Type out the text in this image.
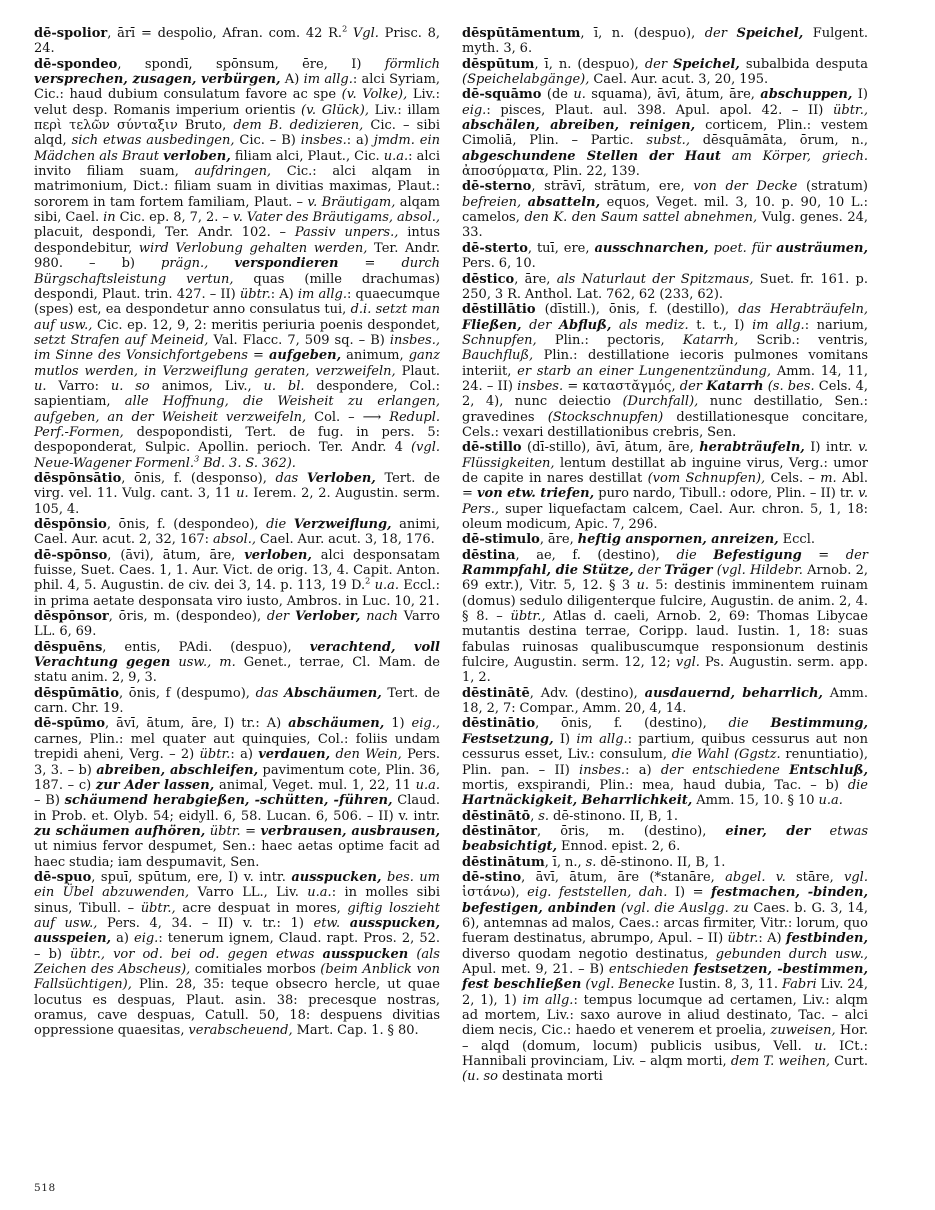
dē-spolior, ārī = despolio, Afran. com. 42 R.$^2$ Vgl. Prisc. 8, 24.

dē-spondeo, spondī, spōnsum, ēre, I) förmlich versprechen, zusagen, verbürgen, A) im allg.: alci Syriam, Cic.: haud dubium consulatum favore ac spe (v. Volke), Liv.: velut desp. Romanis imperium orientis (v. Glück), Liv.: illam περὶ τελῶν σύνταξιν Bruto, dem B. dedizieren, Cic. – sibi alqd, sich etwas ausbedingen, Cic. – B) insbes.: a) jmdm. ein Mädchen als Braut verloben, filiam alci, Plaut., Cic. u.a.: alci invito filiam suam, aufdringen, Cic.: alci alqam in matrimonium, Dict.: filiam suam in divitias maximas, Plaut.: sororem in tam fortem familiam, Plaut. – v. Bräutigam, alqam sibi, Cael. in Cic. ep. 8, 7, 2. – v. Vater des Bräutigams, absol., placuit, despondi, Ter. Andr. 102. – Passiv unpers., intus despondebitur, wird Verlobung gehalten werden, Ter. Andr. 980. – b) prägn., verspondieren = durch Bürgschaftsleistung vertun, quas (mille drachumas) despondi, Plaut. trin. 427. – II) übtr.: A) im allg.: quaecumque (spes) est, ea despondetur anno consulatus tui, d.i. setzt man auf usw., Cic. ep. 12, 9, 2: meritis periuria poenis despondet, setzt Strafen auf Meineid, Val. Flacc. 7, 509 sq. – B) insbes., im Sinne des Vonsichfortgebens = aufgeben, animum, ganz mutlos werden, in Verzweiflung geraten, verzweifeln, Plaut. u. Varro: u. so animos, Liv., u. bl. despondere, Col.: sapientiam, alle Hoffnung, die Weisheit zu erlangen, aufgeben, an der Weisheit verzweifeln, Col. – ⟶ Redupl. Perf.-Formen, despopondisti, Tert. de fug. in pers. 5: despoponderat, Sulpic. Apollin. perioch. Ter. Andr. 4 (vgl. Neue-Wagener Formenl.$^3$ Bd. 3. S. 362).

dēspōnsātio, ōnis, f. (desponso), das Verloben, Tert. de virg. vel. 11. Vulg. cant. 3, 11 u. Ierem. 2, 2. Augustin. serm. 105, 4.

dēspōnsio, ōnis, f. (despondeo), die Verzweiflung, animi, Cael. Aur. acut. 2, 32, 167: absol., Cael. Aur. acut. 3, 18, 176.

dē-spōnso, (āvi), ātum, āre, verloben, alci desponsatam fuisse, Suet. Caes. 1, 1. Aur. Vict. de orig. 13, 4. Capit. Anton. phil. 4, 5. Augustin. de civ. dei 3, 14. p. 113, 19 D.$^2$ u.a. Eccl.: in prima aetate desponsata viro iusto, Ambros. in Luc. 10, 21.

dēspōnsor, ōris, m. (despondeo), der Verlober, nach Varro LL. 6, 69.

dēspuēns, entis, PAdi. (despuo), verachtend, voll Verachtung gegen usw., m. Genet., terrae, Cl. Mam. de statu anim. 2, 9, 3.

dēspūmātio, ōnis, f (despumo), das Abschäumen, Tert. de carn. Chr. 19.

dē-spūmo, āvī, ātum, āre, I) tr.: A) abschäumen, 1) eig., carnes, Plin.: mel quater aut quinquies, Col.: foliis undam trepidi aheni, Verg. – 2) übtr.: a) verdauen, den Wein, Pers. 3, 3. – b) abreiben, abschleifen, pavimentum cote, Plin. 36, 187. – c) zur Ader lassen, animal, Veget. mul. 1, 22, 11 u.a. – B) schäumend herabgießen, -schütten, -führen, Claud. in Prob. et. Olyb. 54; eidyll. 6, 58. Lucan. 6, 506. – II) v. intr. zu schäumen aufhören, übtr. = verbrausen, ausbrausen, ut nimius fervor despumet, Sen.: haec aetas optime facit ad haec studia; iam despumavit, Sen.

dē-spuo, spuī, spūtum, ere, I) v. intr. ausspucken, bes. um ein Übel abzuwenden, Varro LL., Liv. u.a.: in molles sibi sinus, Tibull. – übtr., acre despuat in mores, giftig loszieht auf usw., Pers. 4, 34. – II) v. tr.: 1) etw. ausspucken, ausspeien, a) eig.: tenerum ignem, Claud. rapt. Pros. 2, 52. – b) übtr., vor od. bei od. gegen etwas ausspucken (als Zeichen des Abscheus), comitiales morbos (beim Anblick von Fallsüchtigen), Plin. 28, 35: teque obsecro hercle, ut quae locutus es despuas, Plaut. asin. 38: precesque nostras, oramus, cave despuas, Catull. 50, 18: despuens divitias oppressione quaesitas, verabscheuend, Mart. Cap. 1. § 80.

dēspūtāmentum, ī, n. (despuo), der Speichel, Fulgent. myth. 3, 6.

dēspūtum, ī, n. (despuo), der Speichel, subalbida desputa (Speichelabgänge), Cael. Aur. acut. 3, 20, 195.

dē-squāmo (de u. squama), āvī, ātum, āre, abschuppen, I) eig.: pisces, Plaut. aul. 398. Apul. apol. 42. – II) übtr., abschälen, abreiben, reinigen, corticem, Plin.: vestem Cimoliā, Plin. – Partic. subst., dēsquāmāta, ōrum, n., abgeschundene Stellen der Haut am Körper, griech. ἀποσύρματα, Plin. 22, 139.

dē-sterno, strāvī, strātum, ere, von der Decke (stratum) befreien, absatteln, equos, Veget. mil. 3, 10. p. 90, 10 L.: camelos, den K. den Saum sattel abnehmen, Vulg. genes. 24, 33.

dē-sterto, tuī, ere, ausschnarchen, poet. für austräumen, Pers. 6, 10.

dēstico, āre, als Naturlaut der Spitzmaus, Suet. fr. 161. p. 250, 3 R. Anthol. Lat. 762, 62 (233, 62).

dēstillātio (dīstill.), ōnis, f. (destillo), das Herabträufeln, Fließen, der Abfluß, als mediz. t. t., I) im allg.: narium, Schnupfen, Plin.: pectoris, Katarrh, Scrib.: ventris, Bauchfluß, Plin.: destillatione iecoris pulmones vomitans interiit, er starb an einer Lungenentzündung, Amm. 14, 11, 24. – II) insbes. = καταστᾰγμός, der Katarrh (s. bes. Cels. 4, 2, 4), nunc deiectio (Durchfall), nunc destillatio, Sen.: gravedines (Stockschnupfen) destillationesque concitare, Cels.: vexari destillationibus crebris, Sen.

dē-stillo (dī-stillo), āvī, ātum, āre, herabträufeln, I) intr. v. Flüssigkeiten, lentum destillat ab inguine virus, Verg.: umor de capite in nares destillat (vom Schnupfen), Cels. – m. Abl. = von etw. triefen, puro nardo, Tibull.: odore, Plin. – II) tr. v. Pers., super liquefactam calcem, Cael. Aur. chron. 5, 1, 18: oleum modicum, Apic. 7, 296.

dē-stimulo, āre, heftig anspornen, anreizen, Eccl.

dēstina, ae, f. (destino), die Befestigung = der Rammpfahl, die Stütze, der Träger (vgl. Hildebr. Arnob. 2, 69 extr.), Vitr. 5, 12. § 3 u. 5: destinis imminentem ruinam (domus) sedulo diligenterque fulcire, Augustin. de anim. 2, 4. § 8. – übtr., Atlas d. caeli, Arnob. 2, 69: Thomas Libycae mutantis destina terrae, Coripp. laud. Iustin. 1, 18: suas fabulas ruinosas qualibuscumque responsionum destinis fulcire, Augustin. serm. 12, 12; vgl. Ps. Augustin. serm. app. 1, 2.

dēstinātē, Adv. (destino), ausdauernd, beharrlich, Amm. 18, 2, 7: Compar., Amm. 20, 4, 14.

dēstinātio, ōnis, f. (destino), die Bestimmung, Festsetzung, I) im allg.: partium, quibus cessurus aut non cessurus esset, Liv.: consulum, die Wahl (Ggstz. renuntiatio), Plin. pan. – II) insbes.: a) der entschiedene Entschluß, mortis, exspirandi, Plin.: mea, haud dubia, Tac. – b) die Hartnäckigkeit, Beharrlichkeit, Amm. 15, 10. § 10 u.a.

dēstinātō, s. dē-stinono. II, B, 1.

dēstinātor, ōris, m. (destino), einer, der etwas beabsichtigt, Ennod. epist. 2, 6.

dēstinātum, ī, n., s. dē-stinono. II, B, 1.

dē-stino, āvī, ātum, āre (*stanāre, abgel. v. stāre, vgl. ἱστάνω), eig. feststellen, dah. I) = festmachen, -binden, befestigen, anbinden (vgl. die Auslgg. zu Caes. b. G. 3, 14, 6), antemnas ad malos, Caes.: arcas firmiter, Vitr.: lorum, quo fueram destinatus, abrumpo, Apul. – II) übtr.: A) festbinden, diverso quodam negotio destinatus, gebunden durch usw., Apul. met. 9, 21. – B) entschieden festsetzen, -bestimmen, fest beschließen (vgl. Benecke Iustin. 8, 3, 11. Fabri Liv. 24, 2, 1), 1) im allg.: tempus locumque ad certamen, Liv.: alqm ad mortem, Liv.: saxo aurove in aliud destinato, Tac. – alci diem necis, Cic.: haedo et venerem et proelia, zuweisen, Hor. – alqd (domum, locum) publicis usibus, Vell. u. ICt.: Hannibali provinciam, Liv. – alqm morti, dem T. weihen, Curt. (u. so destinata morti

518
